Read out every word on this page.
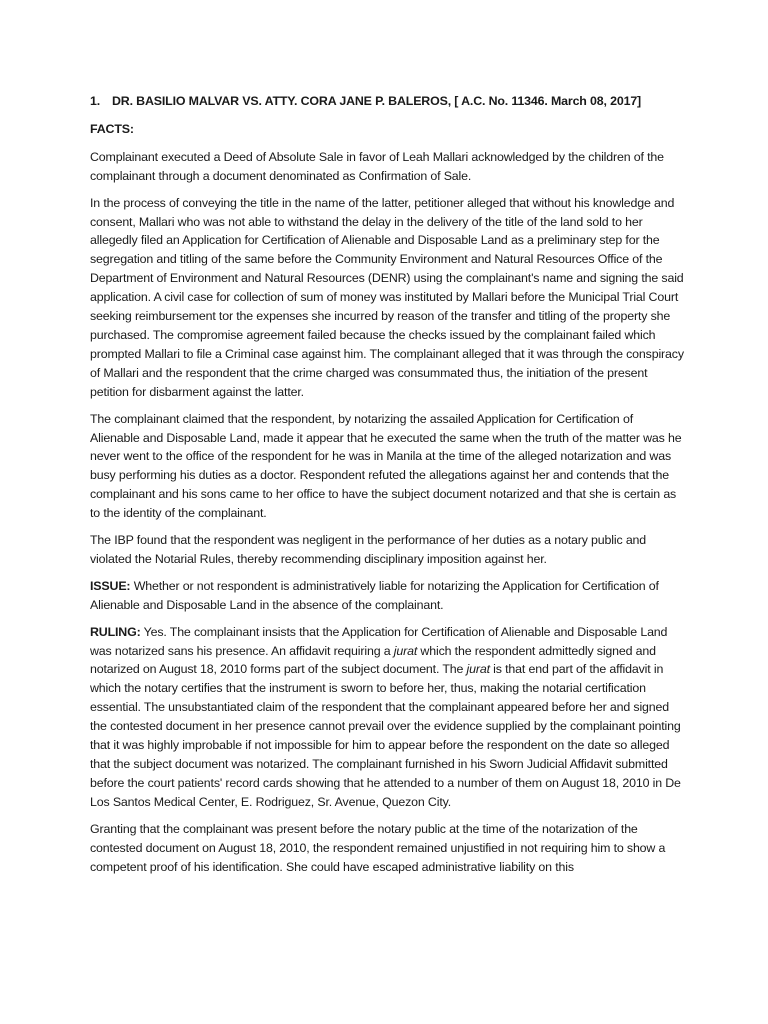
1. DR. BASILIO MALVAR VS. ATTY. CORA JANE P. BALEROS, [ A.C. No. 11346. March 08, 2017]

FACTS:

Complainant executed a Deed of Absolute Sale in favor of Leah Mallari acknowledged by the children of the complainant through a document denominated as Confirmation of Sale.

In the process of conveying the title in the name of the latter, petitioner alleged that without his knowledge and consent, Mallari who was not able to withstand the delay in the delivery of the title of the land sold to her allegedly filed an Application for Certification of Alienable and Disposable Land as a preliminary step for the segregation and titling of the same before the Community Environment and Natural Resources Office of the Department of Environment and Natural Resources (DENR) using the complainant's name and signing the said application. A civil case for collection of sum of money was instituted by Mallari before the Municipal Trial Court seeking reimbursement tor the expenses she incurred by reason of the transfer and titling of the property she purchased. The compromise agreement failed because the checks issued by the complainant failed which prompted Mallari to file a Criminal case against him. The complainant alleged that it was through the conspiracy of Mallari and the respondent that the crime charged was consummated thus, the initiation of the present petition for disbarment against the latter.

The complainant claimed that the respondent, by notarizing the assailed Application for Certification of Alienable and Disposable Land, made it appear that he executed the same when the truth of the matter was he never went to the office of the respondent for he was in Manila at the time of the alleged notarization and was busy performing his duties as a doctor. Respondent refuted the allegations against her and contends that the complainant and his sons came to her office to have the subject document notarized and that she is certain as to the identity of the complainant.

The IBP found that the respondent was negligent in the performance of her duties as a notary public and violated the Notarial Rules, thereby recommending disciplinary imposition against her.

ISSUE: Whether or not respondent is administratively liable for notarizing the Application for Certification of Alienable and Disposable Land in the absence of the complainant.

RULING: Yes. The complainant insists that the Application for Certification of Alienable and Disposable Land was notarized sans his presence. An affidavit requiring a jurat which the respondent admittedly signed and notarized on August 18, 2010 forms part of the subject document. The jurat is that end part of the affidavit in which the notary certifies that the instrument is sworn to before her, thus, making the notarial certification essential. The unsubstantiated claim of the respondent that the complainant appeared before her and signed the contested document in her presence cannot prevail over the evidence supplied by the complainant pointing that it was highly improbable if not impossible for him to appear before the respondent on the date so alleged that the subject document was notarized. The complainant furnished in his Sworn Judicial Affidavit submitted before the court patients' record cards showing that he attended to a number of them on August 18, 2010 in De Los Santos Medical Center, E. Rodriguez, Sr. Avenue, Quezon City.

Granting that the complainant was present before the notary public at the time of the notarization of the contested document on August 18, 2010, the respondent remained unjustified in not requiring him to show a competent proof of his identification. She could have escaped administrative liability on this
